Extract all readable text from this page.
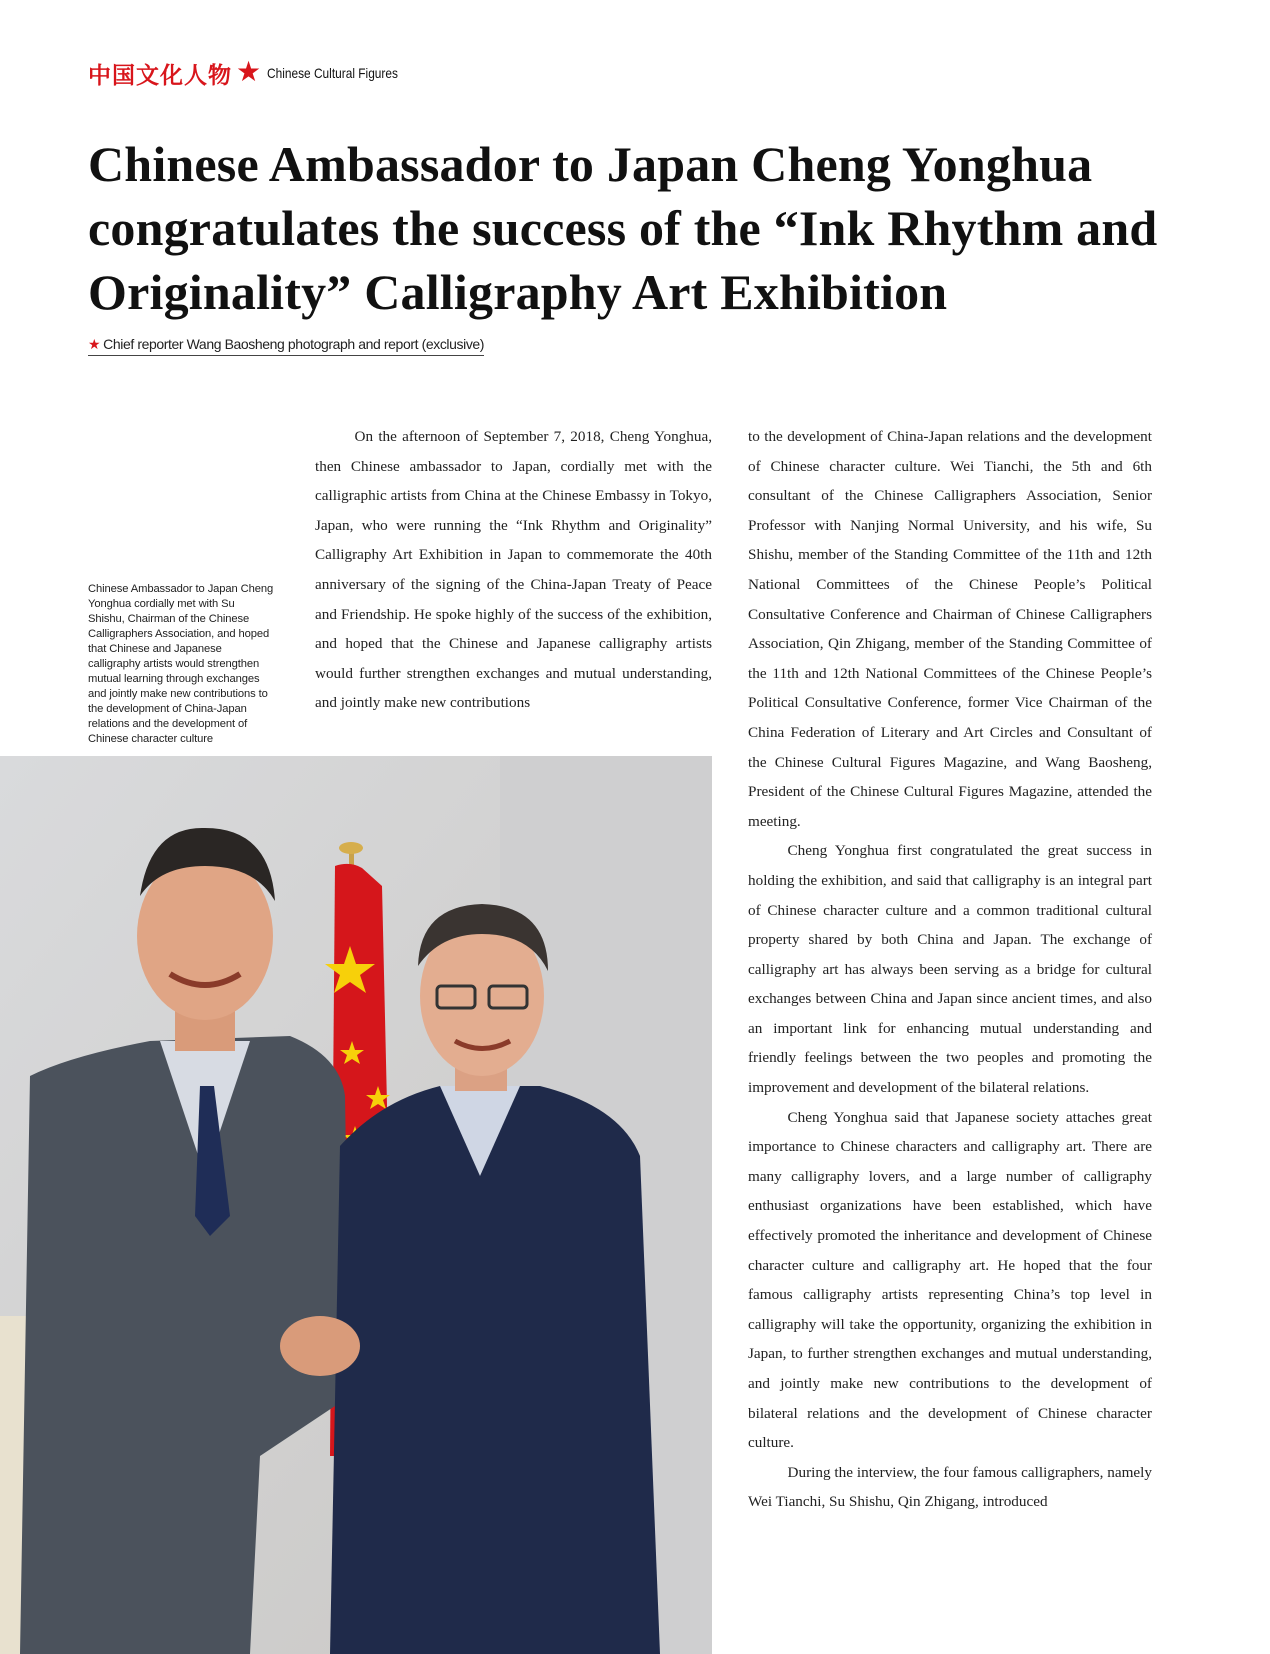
中国文化人物 ★ Chinese Cultural Figures
Chinese Ambassador to Japan Cheng Yonghua congratulates the success of the “Ink Rhythm and Originality” Calligraphy Art Exhibition
★ Chief reporter Wang Baosheng photograph and report (exclusive)
Chinese Ambassador to Japan Cheng Yonghua cordially met with Su Shishu, Chairman of the Chinese Calligraphers Association, and hoped that Chinese and Japanese calligraphy artists would strengthen mutual learning through exchanges and jointly make new contributions to the development of China-Japan relations and the development of Chinese character culture

On the afternoon of September 7, 2018, Cheng Yonghua, then Chinese ambassador to Japan, cordially met with the calligraphic artists from China at the Chinese Embassy in Tokyo, Japan, who were running the “Ink Rhythm and Originality” Calligraphy Art Exhibition in Japan to commemorate the 40th anniversary of the signing of the China-Japan Treaty of Peace and Friendship. He spoke highly of the success of the exhibition, and hoped that the Chinese and Japanese calligraphy artists would further strengthen exchanges and mutual understanding, and jointly make new contributions

to the development of China-Japan relations and the development of Chinese character culture. Wei Tianchi, the 5th and 6th consultant of the Chinese Calligraphers Association, Senior Professor with Nanjing Normal University, and his wife, Su Shishu, member of the Standing Committee of the 11th and 12th National Committees of the Chinese People’s Political Consultative Conference and Chairman of Chinese Calligraphers Association, Qin Zhigang, member of the Standing Committee of the 11th and 12th National Committees of the Chinese People’s Political Consultative Conference, former Vice Chairman of the China Federation of Literary and Art Circles and Consultant of the Chinese Cultural Figures Magazine, and Wang Baosheng, President of the Chinese Cultural Figures Magazine, attended the meeting.

Cheng Yonghua first congratulated the great success in holding the exhibition, and said that calligraphy is an integral part of Chinese character culture and a common traditional cultural property shared by both China and Japan. The exchange of calligraphy art has always been serving as a bridge for cultural exchanges between China and Japan since ancient times, and also an important link for enhancing mutual understanding and friendly feelings between the two peoples and promoting the improvement and development of the bilateral relations.

Cheng Yonghua said that Japanese society attaches great importance to Chinese characters and calligraphy art. There are many calligraphy lovers, and a large number of calligraphy enthusiast organizations have been established, which have effectively promoted the inheritance and development of Chinese character culture and calligraphy art. He hoped that the four famous calligraphy artists representing China’s top level in calligraphy will take the opportunity, organizing the exhibition in Japan, to further strengthen exchanges and mutual understanding, and jointly make new contributions to the development of bilateral relations and the development of Chinese character culture.

During the interview, the four famous calligraphers, namely Wei Tianchi, Su Shishu, Qin Zhigang, introduced
